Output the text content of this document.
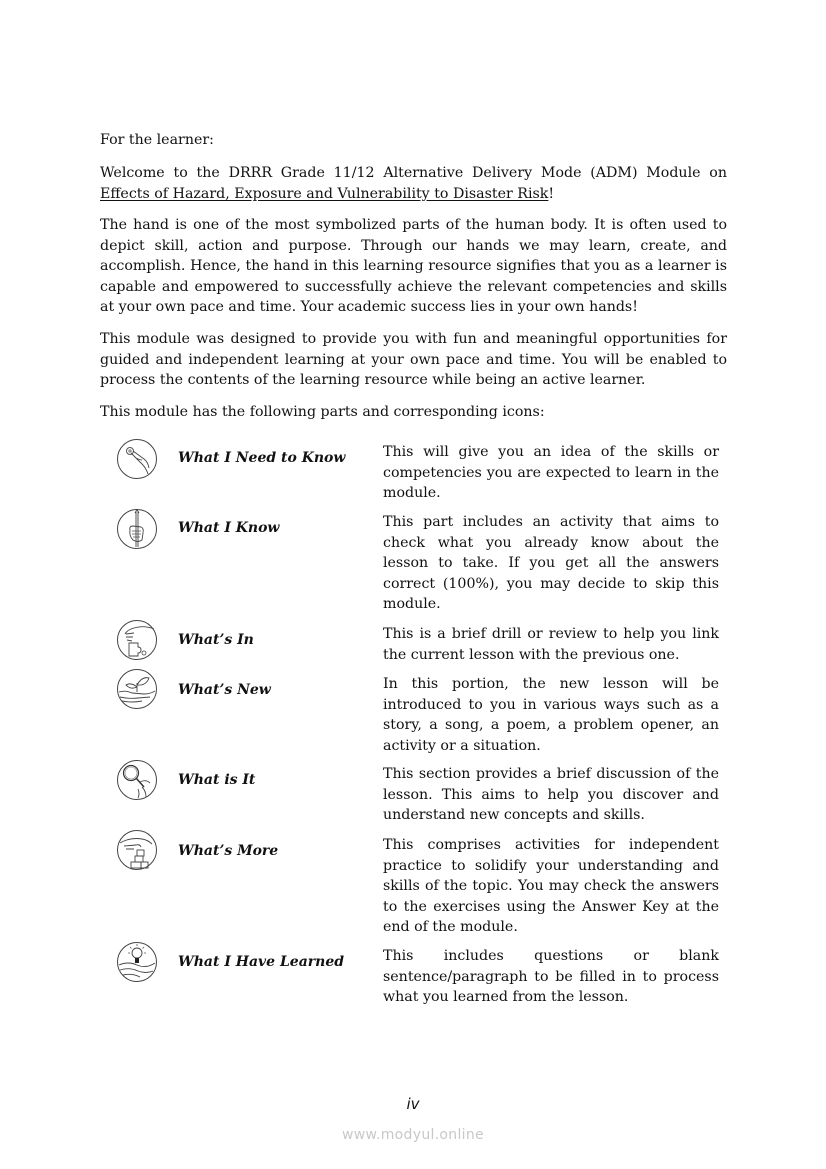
For the learner:

Welcome to the DRRR Grade 11/12 Alternative Delivery Mode (ADM) Module on Effects of Hazard, Exposure and Vulnerability to Disaster Risk!

The hand is one of the most symbolized parts of the human body. It is often used to depict skill, action and purpose. Through our hands we may learn, create, and accomplish. Hence, the hand in this learning resource signifies that you as a learner is capable and empowered to successfully achieve the relevant competencies and skills at your own pace and time. Your academic success lies in your own hands!

This module was designed to provide you with fun and meaningful opportunities for guided and independent learning at your own pace and time. You will be enabled to process the contents of the learning resource while being an active learner.

This module has the following parts and corresponding icons:

What I Need to Know	This will give you an idea of the skills or competencies you are expected to learn in the module.

What I Know	This part includes an activity that aims to check what you already know about the lesson to take. If you get all the answers correct (100%), you may decide to skip this module.

What’s In	This is a brief drill or review to help you link the current lesson with the previous one.

What’s New	In this portion, the new lesson will be introduced to you in various ways such as a story, a song, a poem, a problem opener, an activity or a situation.

What is It	This section provides a brief discussion of the lesson. This aims to help you discover and understand new concepts and skills.

What’s More	This comprises activities for independent practice to solidify your understanding and skills of the topic. You may check the answers to the exercises using the Answer Key at the end of the module.

What I Have Learned	This includes questions or blank sentence/paragraph to be filled in to process what you learned from the lesson.

iv
www.modyul.online
